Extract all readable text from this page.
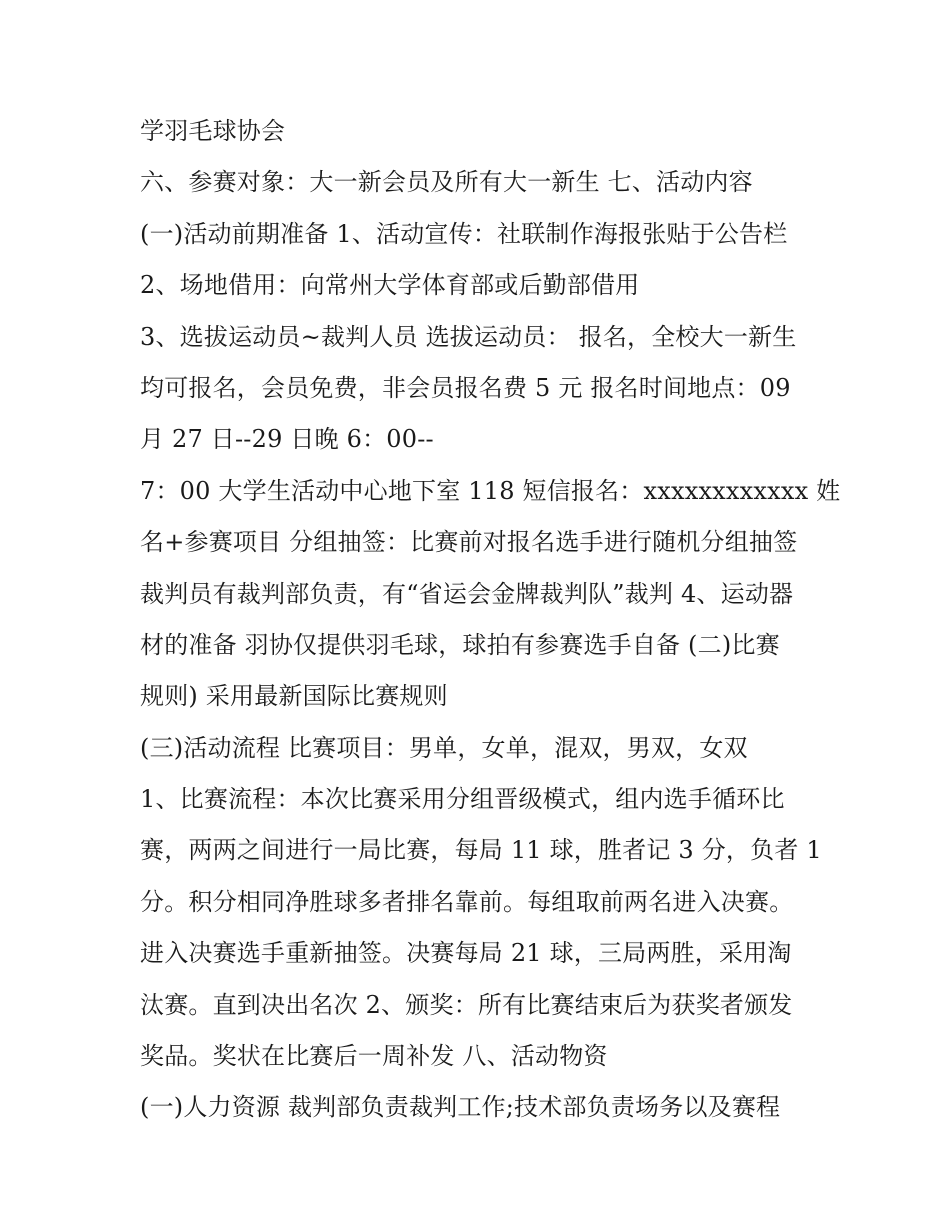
学羽毛球协会
六、参赛对象：大一新会员及所有大一新生 七、活动内容
(一)活动前期准备 1、活动宣传：社联制作海报张贴于公告栏
2、场地借用：向常州大学体育部或后勤部借用
3、选拔运动员~裁判人员 选拔运动员： 报名，全校大一新生
均可报名，会员免费，非会员报名费 5 元 报名时间地点：09
月 27 日--29 日晚 6：00--
7：00 大学生活动中心地下室 118 短信报名：xxxxxxxxxxxx 姓
名+参赛项目 分组抽签：比赛前对报名选手进行随机分组抽签
裁判员有裁判部负责，有“省运会金牌裁判队”裁判 4、运动器
材的准备 羽协仅提供羽毛球，球拍有参赛选手自备 (二)比赛
规则) 采用最新国际比赛规则
(三)活动流程 比赛项目：男单，女单，混双，男双，女双
1、比赛流程：本次比赛采用分组晋级模式，组内选手循环比
赛，两两之间进行一局比赛，每局 11 球，胜者记 3 分，负者 1
分。积分相同净胜球多者排名靠前。每组取前两名进入决赛。
进入决赛选手重新抽签。决赛每局 21 球，三局两胜，采用淘
汰赛。直到决出名次 2、颁奖：所有比赛结束后为获奖者颁发
奖品。奖状在比赛后一周补发 八、活动物资
(一)人力资源 裁判部负责裁判工作;技术部负责场务以及赛程
